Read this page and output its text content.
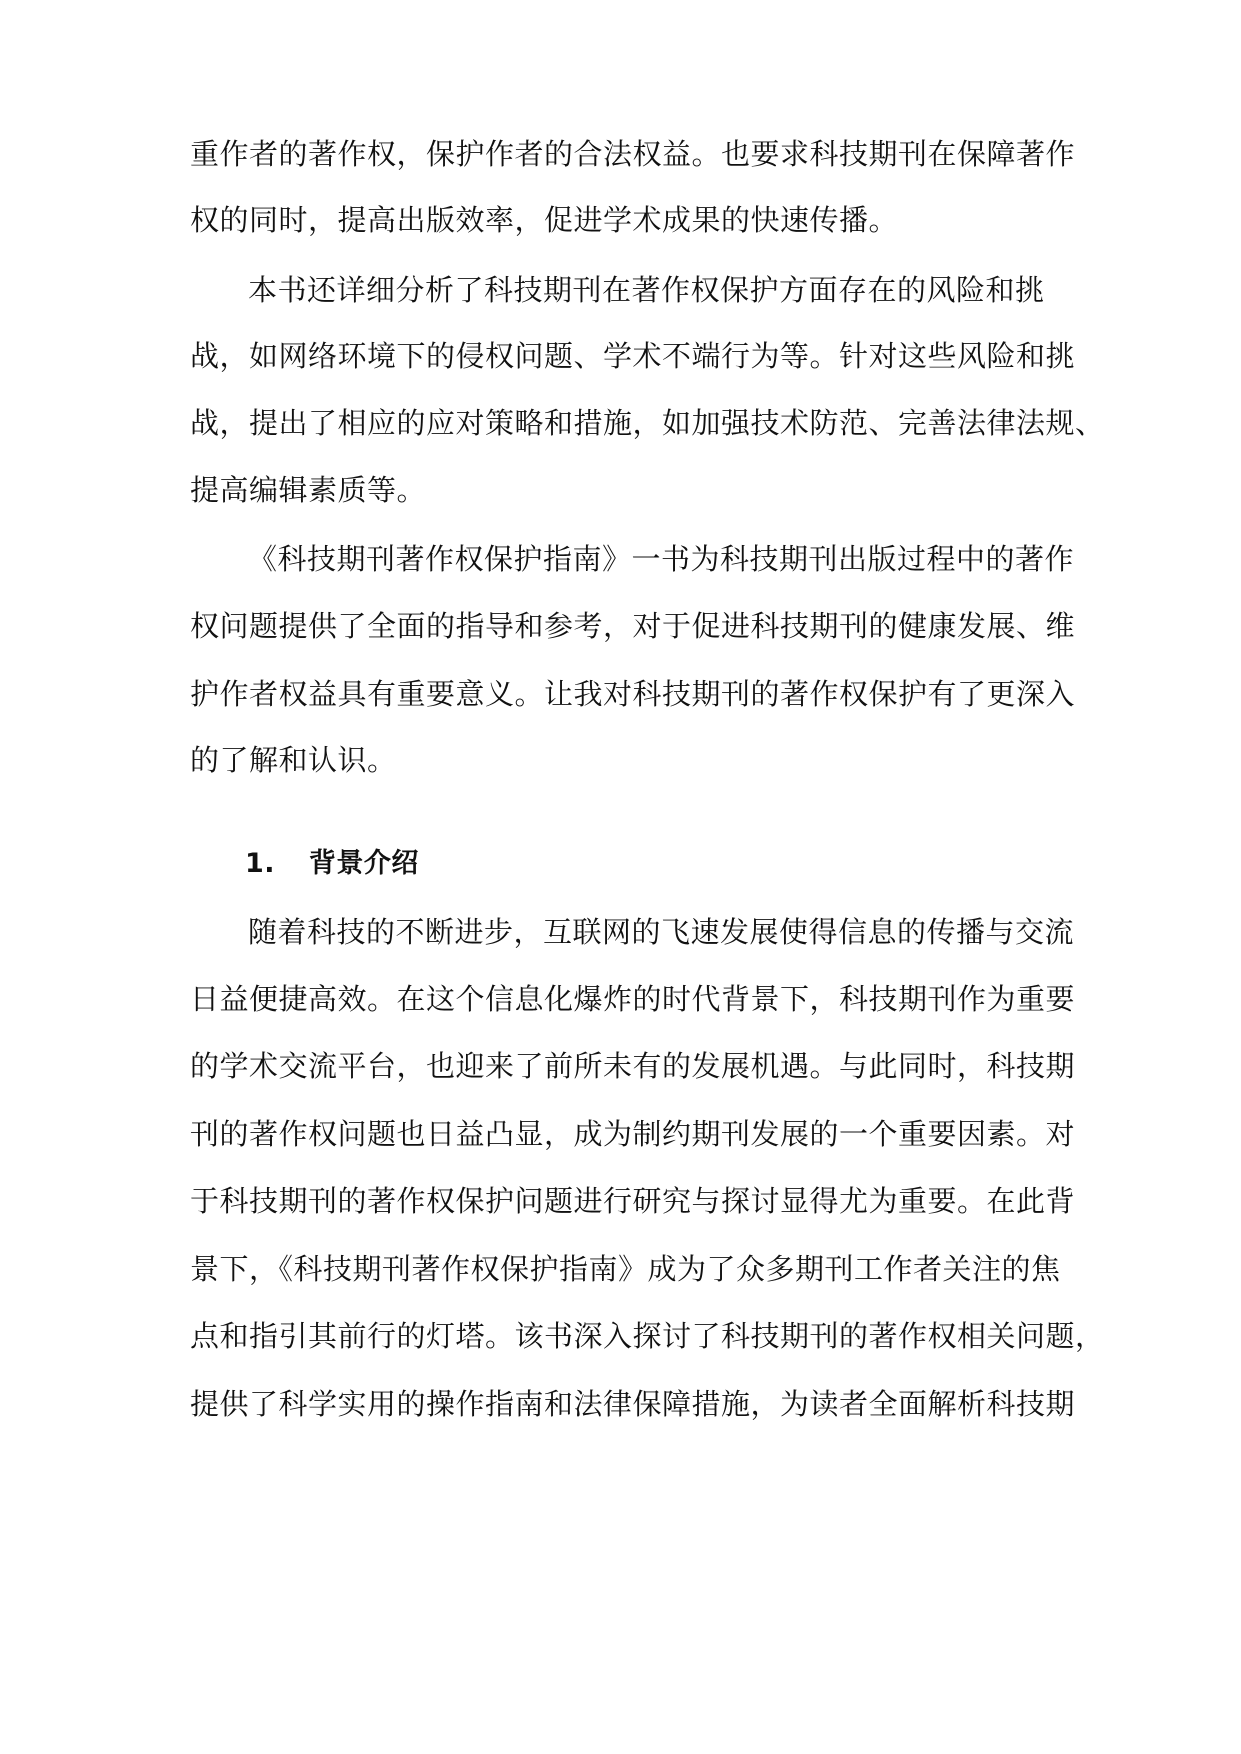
重作者的著作权，保护作者的合法权益。也要求科技期刊在保障著作
权的同时，提高出版效率，促进学术成果的快速传播。
本书还详细分析了科技期刊在著作权保护方面存在的风险和挑
战，如网络环境下的侵权问题、学术不端行为等。针对这些风险和挑
战，提出了相应的应对策略和措施，如加强技术防范、完善法律法规、
提高编辑素质等。
《科技期刊著作权保护指南》一书为科技期刊出版过程中的著作
权问题提供了全面的指导和参考，对于促进科技期刊的健康发展、维
护作者权益具有重要意义。让我对科技期刊的著作权保护有了更深入
的了解和认识。
1. 背景介绍
随着科技的不断进步，互联网的飞速发展使得信息的传播与交流
日益便捷高效。在这个信息化爆炸的时代背景下，科技期刊作为重要
的学术交流平台，也迎来了前所未有的发展机遇。与此同时，科技期
刊的著作权问题也日益凸显，成为制约期刊发展的一个重要因素。对
于科技期刊的著作权保护问题进行研究与探讨显得尤为重要。在此背
景下，《科技期刊著作权保护指南》成为了众多期刊工作者关注的焦
点和指引其前行的灯塔。该书深入探讨了科技期刊的著作权相关问题，
提供了科学实用的操作指南和法律保障措施，为读者全面解析科技期
